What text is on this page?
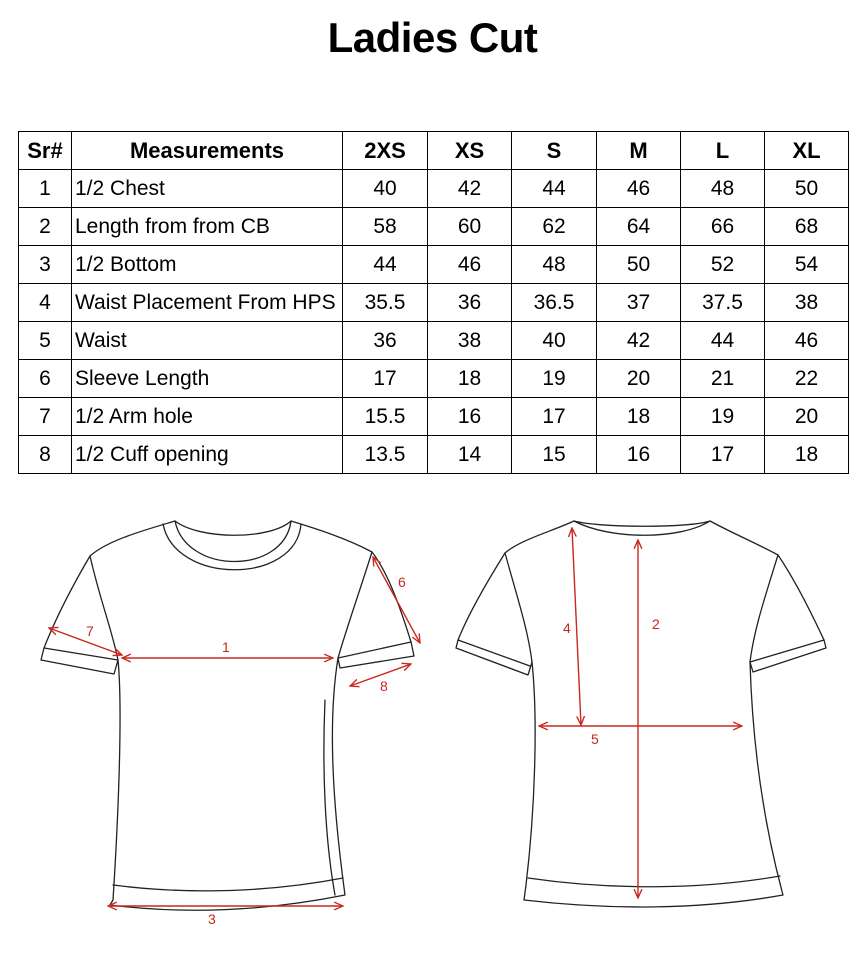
Ladies Cut
Sr#	Measurements	2XS	XS	S	M	L	XL
1	1/2 Chest	40	42	44	46	48	50
2	Length from from CB	58	60	62	64	66	68
3	1/2 Bottom	44	46	48	50	52	54
4	Waist Placement From HPS	35.5	36	36.5	37	37.5	38
5	Waist	36	38	40	42	44	46
6	Sleeve Length	17	18	19	20	21	22
7	1/2 Arm hole	15.5	16	17	18	19	20
8	1/2 Cuff opening	13.5	14	15	16	17	18
1
3
6
7
8
2
4
5
